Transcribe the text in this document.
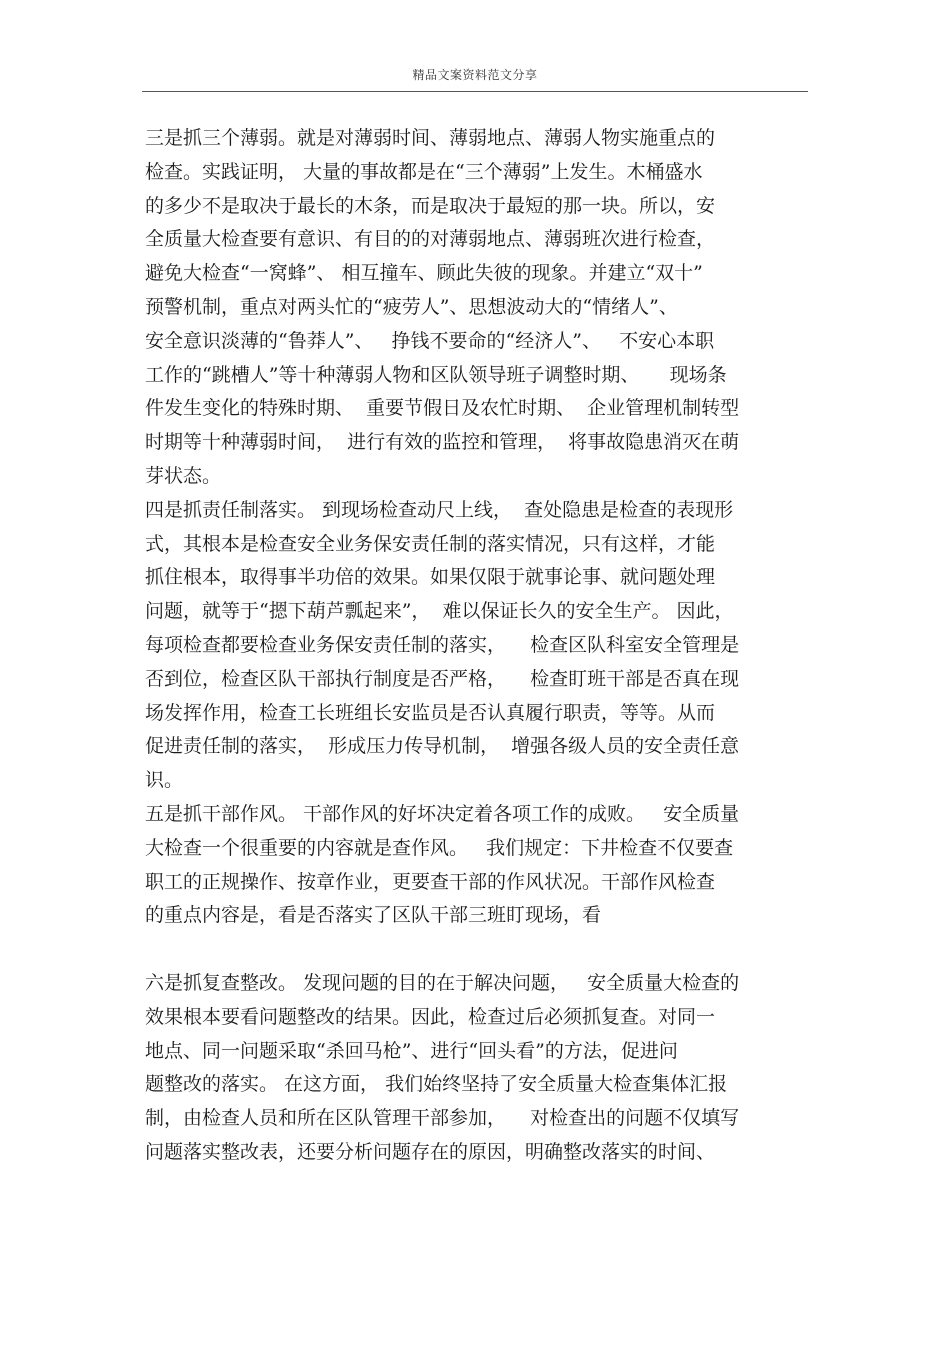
精品文案资料范文分享
三是抓三个薄弱。就是对薄弱时间、薄弱地点、薄弱人物实施重点的
检查。实践证明， 大量的事故都是在“三个薄弱”上发生。木桶盛水
的多少不是取决于最长的木条，而是取决于最短的那一块。所以，安
全质量大检查要有意识、有目的的对薄弱地点、薄弱班次进行检查，
避免大检查“一窝蜂”、 相互撞车、顾此失彼的现象。并建立“双十”
预警机制，重点对两头忙的“疲劳人”、思想波动大的“情绪人”、
安全意识淡薄的“鲁莽人”、   挣钱不要命的“经济人”、   不安心本职
工作的“跳槽人”等十种薄弱人物和区队领导班子调整时期、     现场条
件发生变化的特殊时期、  重要节假日及农忙时期、  企业管理机制转型
时期等十种薄弱时间，  进行有效的监控和管理，  将事故隐患消灭在萌
芽状态。
四是抓责任制落实。 到现场检查动尺上线，  查处隐患是检查的表现形
式，其根本是检查安全业务保安责任制的落实情况，只有这样，才能
抓住根本，取得事半功倍的效果。如果仅限于就事论事、就问题处理
问题，就等于“摁下葫芦瓢起来”，  难以保证长久的安全生产。 因此，
每项检查都要检查业务保安责任制的落实，    检查区队科室安全管理是
否到位，检查区队干部执行制度是否严格，    检查盯班干部是否真在现
场发挥作用，检查工长班组长安监员是否认真履行职责，等等。从而
促进责任制的落实，  形成压力传导机制，  增强各级人员的安全责任意
识。
五是抓干部作风。 干部作风的好坏决定着各项工作的成败。   安全质量
大检查一个很重要的内容就是查作风。   我们规定：下井检查不仅要查
职工的正规操作、按章作业，更要查干部的作风状况。干部作风检查
的重点内容是，看是否落实了区队干部三班盯现场，看
六是抓复查整改。 发现问题的目的在于解决问题，   安全质量大检查的
效果根本要看问题整改的结果。因此，检查过后必须抓复查。对同一
地点、同一问题采取“杀回马枪”、进行“回头看”的方法，促进问
题整改的落实。 在这方面， 我们始终坚持了安全质量大检查集体汇报
制，由检查人员和所在区队管理干部参加，    对检查出的问题不仅填写
问题落实整改表，还要分析问题存在的原因，明确整改落实的时间、
